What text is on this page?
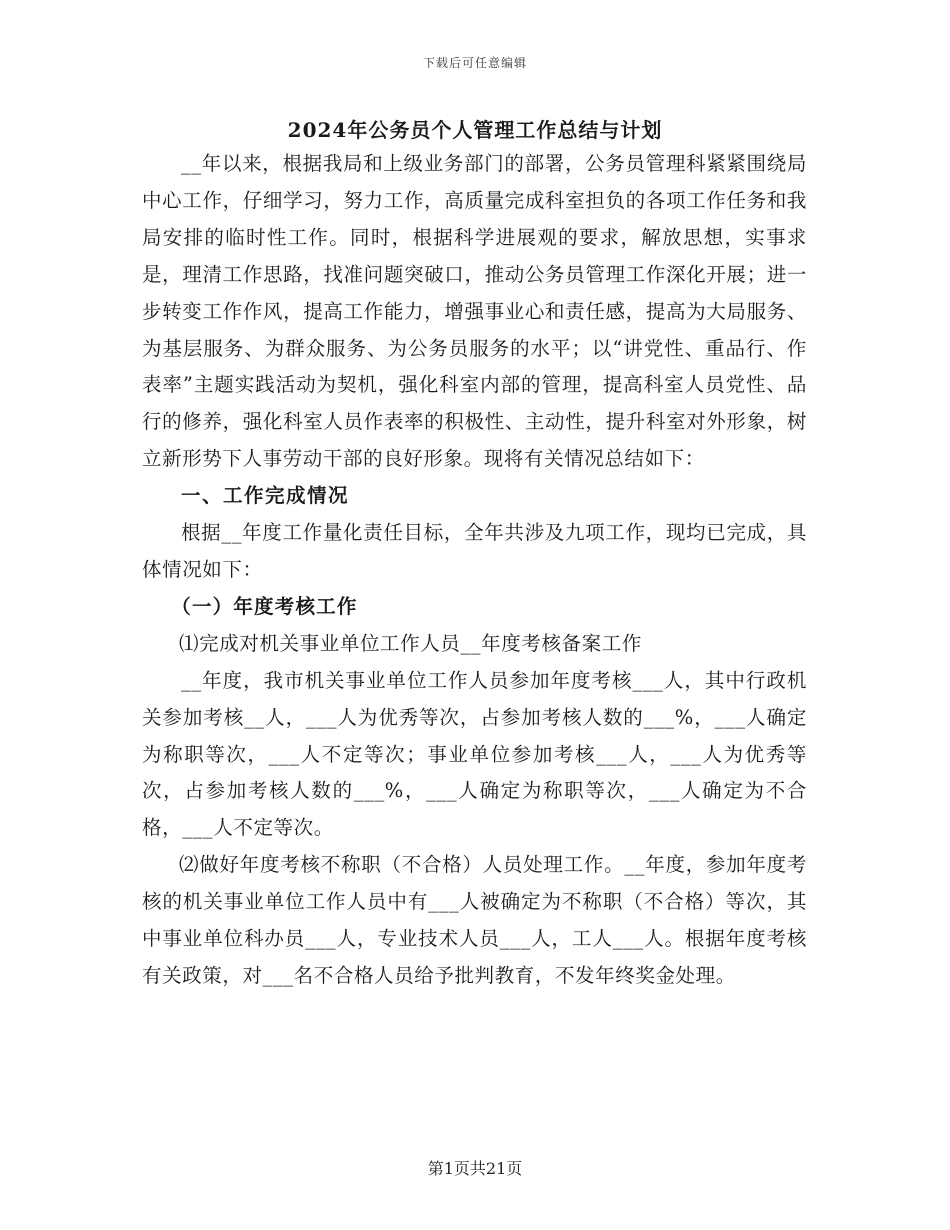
下载后可任意编辑
2024年公务员个人管理工作总结与计划

__年以来，根据我局和上级业务部门的部署，公务员管理科紧紧围绕局中心工作，仔细学习，努力工作，高质量完成科室担负的各项工作任务和我局安排的临时性工作。同时，根据科学进展观的要求，解放思想，实事求是，理清工作思路，找准问题突破口，推动公务员管理工作深化开展；进一步转变工作作风，提高工作能力，增强事业心和责任感，提高为大局服务、为基层服务、为群众服务、为公务员服务的水平；以“讲党性、重品行、作表率”主题实践活动为契机，强化科室内部的管理，提高科室人员党性、品行的修养，强化科室人员作表率的积极性、主动性，提升科室对外形象，树立新形势下人事劳动干部的良好形象。现将有关情况总结如下：

一、工作完成情况

根据__年度工作量化责任目标，全年共涉及九项工作，现均已完成，具体情况如下：

（一）年度考核工作

⑴完成对机关事业单位工作人员__年度考核备案工作

__年度，我市机关事业单位工作人员参加年度考核___人，其中行政机关参加考核__人，___人为优秀等次，占参加考核人数的___%，___人确定为称职等次，___人不定等次；事业单位参加考核___人，___人为优秀等次，占参加考核人数的___%，___人确定为称职等次，___人确定为不合格，___人不定等次。

⑵做好年度考核不称职（不合格）人员处理工作。__年度，参加年度考核的机关事业单位工作人员中有___人被确定为不称职（不合格）等次，其中事业单位科办员___人，专业技术人员___人，工人___人。根据年度考核有关政策，对___名不合格人员给予批判教育，不发年终奖金处理。

第1页共21页
